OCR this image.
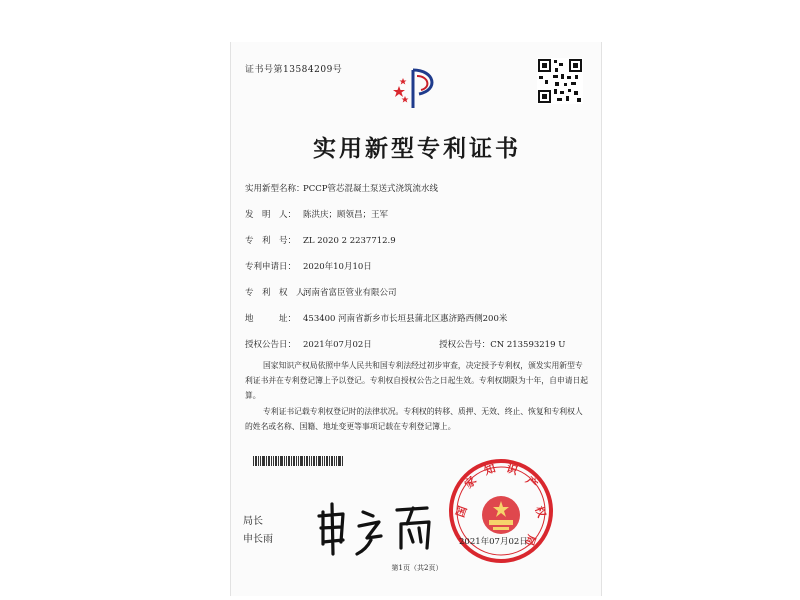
证书号第13584209号
实用新型专利证书
实用新型名称：PCCP管芯混凝土泵送式浇筑流水线
发　明　人： 陈洪庆；顾领昌；王军
专　利　号： ZL 2020 2 2237712.9
专利申请日： 2020年10月10日
专　利　权　人：河南省富臣管业有限公司
地　　　址： 453400 河南省新乡市长垣县蒲北区惠济路西侧200米
授权公告日： 2021年07月02日	授权公告号：CN 213593219 U
国家知识产权局依照中华人民共和国专利法经过初步审查，决定授予专利权，颁发实用新型专利证书并在专利登记簿上予以登记。专利权自授权公告之日起生效。专利权期限为十年，自申请日起算。
专利证书记载专利权登记时的法律状况。专利权的转移、质押、无效、终止、恢复和专利权人的姓名或名称、国籍、地址变更等事项记载在专利登记簿上。
局长
申长雨
国
家
知 识
产
权
局
2021年07月02日
第1页（共2页）
